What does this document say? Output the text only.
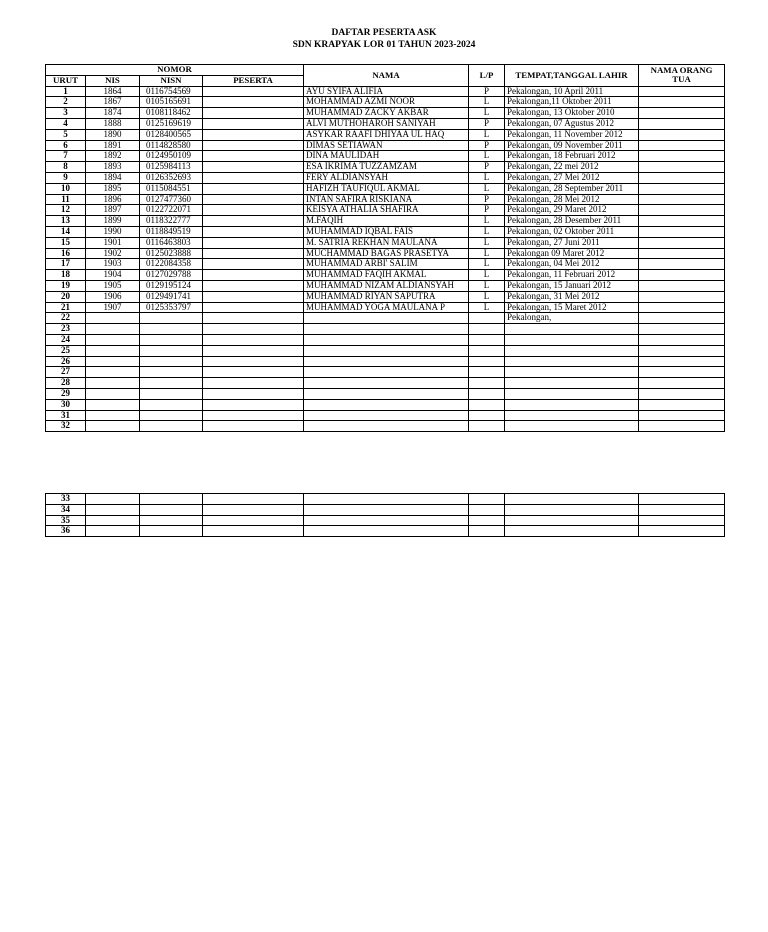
DAFTAR PESERTA ASK
SDN KRAPYAK LOR 01 TAHUN 2023-2024
NOMOR				NAMA	L/P	TEMPAT,TANGGAL LAHIR	NAMA ORANG TUA
URUT	NIS	NISN	PESERTA				
1	1864	0116754569		AYU SYIFA ALIFIA	P	Pekalongan, 10 April 2011	
2	1867	0105165691		MOHAMMAD AZMI NOOR	L	Pekalongan,11 Oktober 2011	
3	1874	0108118462		MUHAMMAD ZACKY AKBAR	L	Pekalongan, 13 Oktober 2010	
4	1888	0125169619		ALVI MUTHOHAROH SANIYAH	P	Pekalongan, 07 Agustus 2012	
5	1890	0128400565		ASYKAR RAAFI DHIYAA UL HAQ	L	Pekalongan, 11 November 2012	
6	1891	0114828580		DIMAS SETIAWAN	P	Pekalongan, 09 November 2011	
7	1892	0124950109		DINA MAULIDAH	L	Pekalongan, 18 Februari 2012	
8	1893	0125984113		ESA IKRIMA TUZZAMZAM	P	Pekalongan, 22 mei 2012	
9	1894	0126352693		FERY ALDIANSYAH	L	Pekalongan, 27 Mei 2012	
10	1895	0115084551		HAFIZH TAUFIQUL AKMAL	L	Pekalongan, 28 September 2011	
11	1896	0127477360		INTAN SAFIRA RISKIANA	P	Pekalongan, 28 Mei 2012	
12	1897	0122722071		KEISYA ATHALIA SHAFIRA	P	Pekalongan, 29 Maret 2012	
13	1899	0118322777		M.FAQIH	L	Pekalongan, 28 Desember 2011	
14	1990	0118849519		MUHAMMAD IQBAL FAIS	L	Pekalongan, 02 Oktober 2011	
15	1901	0116463803		M. SATRIA REKHAN MAULANA	L	Pekalongan, 27 Juni 2011	
16	1902	0125023888		MUCHAMMAD BAGAS PRASETYA	L	Pekalongan 09 Maret 2012	
17	1903	0122084358		MUHAMMAD ARBI' SALIM	L	Pekalongan, 04 Mei 2012	
18	1904	0127029788		MUHAMMAD FAQIH AKMAL	L	Pekalongan, 11 Februari 2012	
19	1905	0129195124		MUHAMMAD NIZAM ALDIANSYAH	L	Pekalongan, 15 Januari 2012	
20	1906	0129491741		MUHAMMAD RIYAN SAPUTRA	L	Pekalongan, 31 Mei 2012	
21	1907	0125353797		MUHAMMAD YOGA MAULANA P	L	Pekalongan, 15 Maret 2012	
22						Pekalongan,	
23							
24							
25							
26							
27							
28							
29							
30							
31							
32							
33							
34							
35							
36							
